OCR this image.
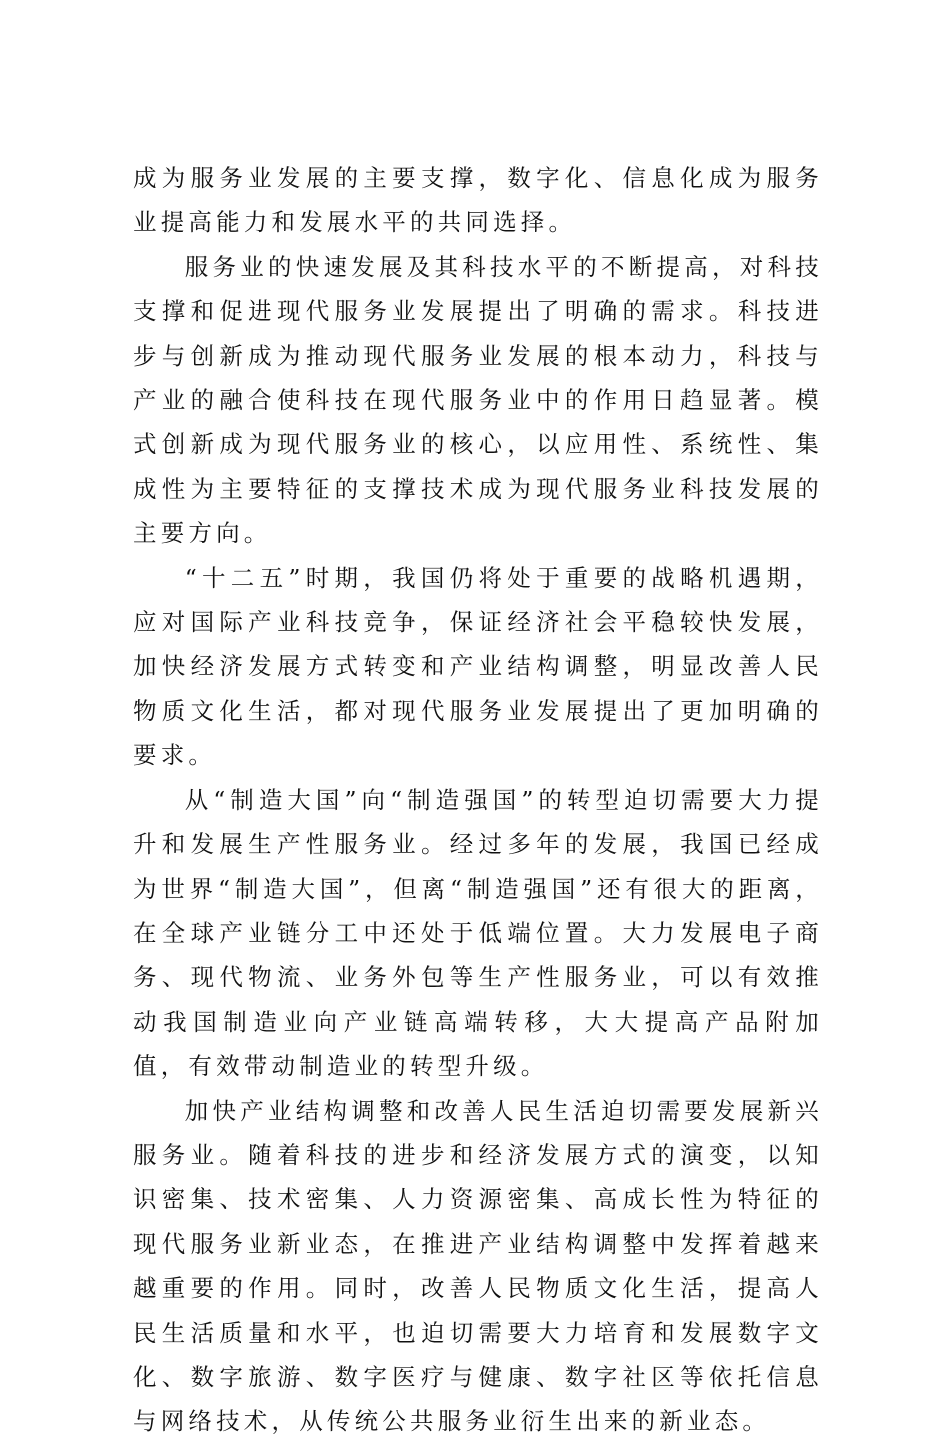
成为服务业发展的主要支撑，数字化、信息化成为服务业提高能力和发展水平的共同选择。

服务业的快速发展及其科技水平的不断提高，对科技支撑和促进现代服务业发展提出了明确的需求。科技进步与创新成为推动现代服务业发展的根本动力，科技与产业的融合使科技在现代服务业中的作用日趋显著。模式创新成为现代服务业的核心，以应用性、系统性、集成性为主要特征的支撑技术成为现代服务业科技发展的主要方向。

“十二五”时期，我国仍将处于重要的战略机遇期，应对国际产业科技竞争，保证经济社会平稳较快发展，加快经济发展方式转变和产业结构调整，明显改善人民物质文化生活，都对现代服务业发展提出了更加明确的要求。

从“制造大国”向“制造强国”的转型迫切需要大力提升和发展生产性服务业。经过多年的发展，我国已经成为世界“制造大国”，但离“制造强国”还有很大的距离，在全球产业链分工中还处于低端位置。大力发展电子商务、现代物流、业务外包等生产性服务业，可以有效推动我国制造业向产业链高端转移，大大提高产品附加值，有效带动制造业的转型升级。

加快产业结构调整和改善人民生活迫切需要发展新兴服务业。随着科技的进步和经济发展方式的演变，以知识密集、技术密集、人力资源密集、高成长性为特征的现代服务业新业态，在推进产业结构调整中发挥着越来越重要的作用。同时，改善人民物质文化生活，提高人民生活质量和水平，也迫切需要大力培育和发展数字文化、数字旅游、数字医疗与健康、数字社区等依托信息与网络技术，从传统公共服务业衍生出来的新业态。
